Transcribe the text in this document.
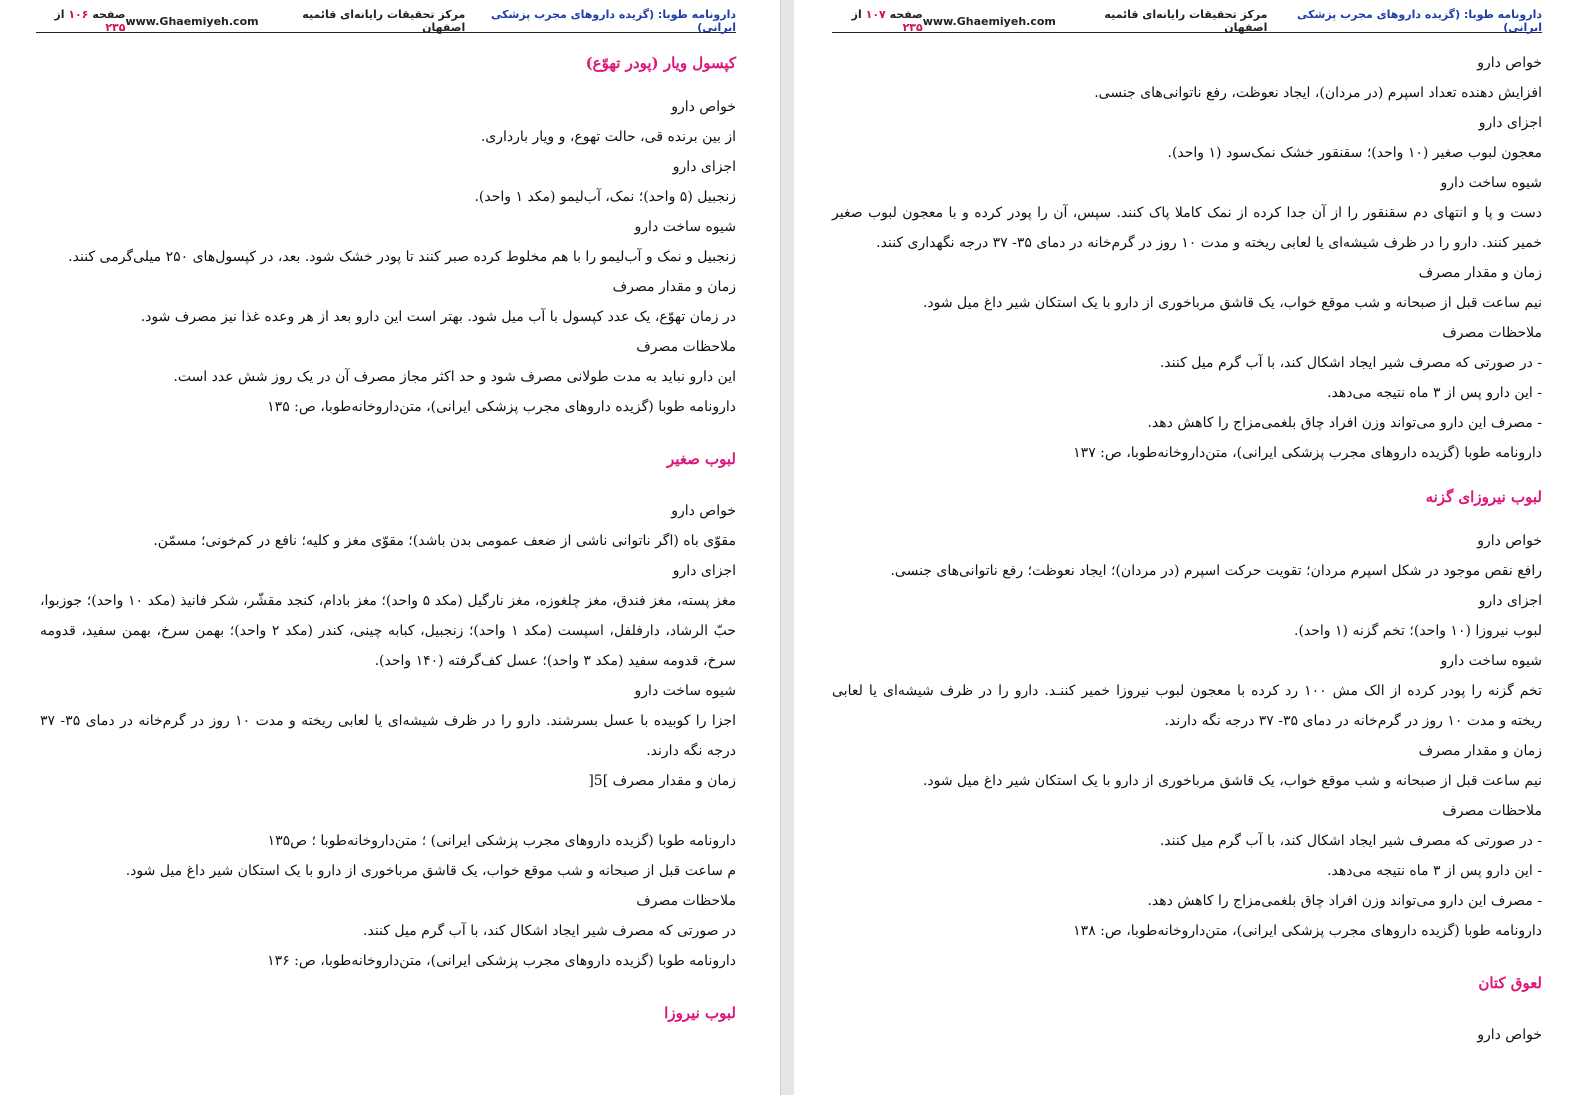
دارونامه طوبا: (گزیده داروهای مجرب پزشکی ایرانی)
مرکز تحقیقات رایانه‌ای قائمیه اصفهان
www.Ghaemiyeh.com
صفحه ۱۰۶ از ۲۳۵

کپسول ویار (پودر تهوّع)

خواص دارو

از بین برنده قی، حالت تهوع، و ویار بارداری.

اجزای دارو

زنجبیل (۵ واحد)؛ نمک، آب‌لیمو (مکد ۱ واحد).

شیوه ساخت دارو

زنجبیل و نمک و آب‌لیمو را با هم مخلوط کرده صبر کنند تا پودر خشک شود. بعد، در کپسول‌های ۲۵۰ میلی‌گرمی کنند.

زمان و مقدار مصرف

در زمان تهوّع، یک عدد کپسول با آب میل شود. بهتر است این دارو بعد از هر وعده غذا نیز مصرف شود.

ملاحظات مصرف

این دارو نباید به مدت طولانی مصرف شود و حد اکثر مجاز مصرف آن در یک روز شش عدد است.

دارونامه طوبا (گزیده داروهای مجرب پزشکی ایرانی)، متن‌داروخانه‌طوبا، ص: ۱۳۵

لبوب صغیر

خواص دارو

مقوّی باه (اگر ناتوانی ناشی از ضعف عمومی بدن باشد)؛ مقوّی مغز و کلیه؛ نافع در کم‌خونی؛ مسمّن.

اجزای دارو

مغز پسته، مغز فندق، مغز چلغوزه، مغز نارگیل (مکد ۵ واحد)؛ مغز بادام، کنجد مقشّر، شکر فانیذ (مکد ۱۰ واحد)؛ جوزبوا، حبّ الرشاد، دارفلفل، اسپست (مکد ۱ واحد)؛ زنجبیل، کبابه چینی، کندر (مکد ۲ واحد)؛ بهمن سرخ، بهمن سفید، قدومه سرخ، قدومه سفید (مکد ۳ واحد)؛ عسل کف‌گرفته (۱۴۰ واحد).

شیوه ساخت دارو

اجزا را کوبیده با عسل بسرشند. دارو را در ظرف شیشه‌ای یا لعابی ریخته و مدت ۱۰ روز در گرم‌خانه در دمای ۳۵- ۳۷ درجه نگه دارند.

زمان و مقدار مصرف ]5[

دارونامه طوبا (گزیده داروهای مجرب پزشکی ایرانی) ؛ متن‌داروخانه‌طوبا ؛ ص۱۳۵

م ساعت قبل از صبحانه و شب موقع خواب، یک قاشق مرباخوری از دارو با یک استکان شیر داغ میل شود.

ملاحظات مصرف

در صورتی که مصرف شیر ایجاد اشکال کند، با آب گرم میل کنند.

دارونامه طوبا (گزیده داروهای مجرب پزشکی ایرانی)، متن‌داروخانه‌طوبا، ص: ۱۳۶

لبوب نیروزا

دارونامه طوبا: (گزیده داروهای مجرب پزشکی ایرانی)
مرکز تحقیقات رایانه‌ای قائمیه اصفهان
www.Ghaemiyeh.com
صفحه ۱۰۷ از ۲۳۵

خواص دارو

افزایش دهنده تعداد اسپرم (در مردان)، ایجاد نعوظت، رفع ناتوانی‌های جنسی.

اجزای دارو

معجون لبوب صغیر (۱۰ واحد)؛ سقنقور خشک نمک‌سود (۱ واحد).

شیوه ساخت دارو

دست و پا و انتهای دم سقنقور را از آن جدا کرده از نمک کاملا پاک کنند. سپس، آن را پودر کرده و با معجون لبوب صغیر خمیر کنند. دارو را در ظرف شیشه‌ای یا لعابی ریخته و مدت ۱۰ روز در گرم‌خانه در دمای ۳۵- ۳۷ درجه نگهداری کنند.

زمان و مقدار مصرف

نیم ساعت قبل از صبحانه و شب موقع خواب، یک قاشق مرباخوری از دارو با یک استکان شیر داغ میل شود.

ملاحظات مصرف

- در صورتی که مصرف شیر ایجاد اشکال کند، با آب گرم میل کنند.

- این دارو پس از ۳ ماه نتیجه می‌دهد.

- مصرف این دارو می‌تواند وزن افراد چاق بلغمی‌مزاج را کاهش دهد.

دارونامه طوبا (گزیده داروهای مجرب پزشکی ایرانی)، متن‌داروخانه‌طوبا، ص: ۱۳۷

لبوب نیروزای گزنه

خواص دارو

رافع نقص موجود در شکل اسپرم مردان؛ تقویت حرکت اسپرم (در مردان)؛ ایجاد نعوظت؛ رفع ناتوانی‌های جنسی.

اجزای دارو

لبوب نیروزا (۱۰ واحد)؛ تخم گزنه (۱ واحد).

شیوه ساخت دارو

تخم گزنه را پودر کرده از الک مش ۱۰۰ رد کرده با معجون لبوب نیروزا خمیر کننـد. دارو را در ظرف شیشه‌ای یا لعابی ریخته و مدت ۱۰ روز در گرم‌خانه در دمای ۳۵- ۳۷ درجه نگه دارند.

زمان و مقدار مصرف

نیم ساعت قبل از صبحانه و شب موقع خواب، یک قاشق مرباخوری از دارو با یک استکان شیر داغ میل شود.

ملاحظات مصرف

- در صورتی که مصرف شیر ایجاد اشکال کند، با آب گرم میل کنند.

- این دارو پس از ۳ ماه نتیجه می‌دهد.

- مصرف این دارو می‌تواند وزن افراد چاق بلغمی‌مزاج را کاهش دهد.

دارونامه طوبا (گزیده داروهای مجرب پزشکی ایرانی)، متن‌داروخانه‌طوبا، ص: ۱۳۸

لعوق کتان

خواص دارو
